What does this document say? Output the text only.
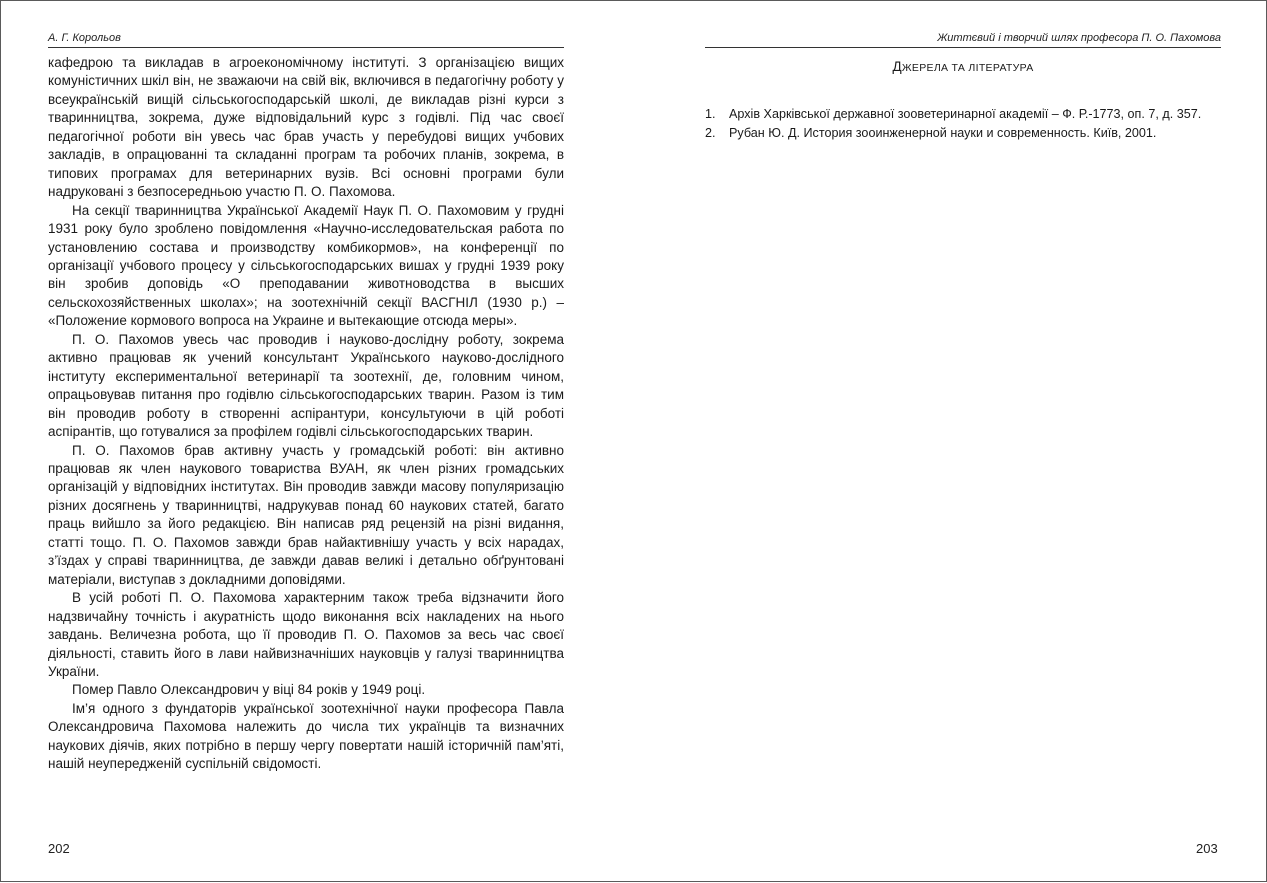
А. Г. Корольов

кафедрою та викладав в агроекономічному інституті. З організацією вищих комуністичних шкіл він, не зважаючи на свій вік, включився в педагогічну роботу у всеукраїнській вищій сільськогосподарській школі, де викладав різні курси з тваринництва, зокрема, дуже відповідальний курс з годівлі. Під час своєї педагогічної роботи він увесь час брав участь у перебудові вищих учбових закладів, в опрацюванні та складанні програм та робочих планів, зокрема, в типових програмах для ветеринарних вузів. Всі основні програми були надруковані з безпосередньою участю П. О. Пахомова.

На секції тваринництва Української Академії Наук П. О. Пахомовим у грудні 1931 року було зроблено повідомлення «Научно-исследовательская работа по установлению состава и производству комбикормов», на конференції по організації учбового процесу у сільськогосподарських вишах у грудні 1939 року він зробив доповідь «О преподавании животноводства в высших сельскохозяйственных школах»; на зоотехнічній секції ВАСГНІЛ (1930 р.) – «Положение кормового вопроса на Украине и вытекающие отсюда меры».

П. О. Пахомов увесь час проводив і науково-дослідну роботу, зокрема активно працював як учений консультант Українського науково-дослідного інституту експериментальної ветеринарії та зоотехнії, де, головним чином, опрацьовував питання про годівлю сільськогосподарських тварин. Разом із тим він проводив роботу в створенні аспірантури, консультуючи в цій роботі аспірантів, що готувалися за профілем годівлі сільськогосподарських тварин.

П. О. Пахомов брав активну участь у громадській роботі: він активно працював як член наукового товариства ВУАН, як член різних громадських організацій у відповідних інститутах. Він проводив завжди масову популяризацію різних досягнень у тваринництві, надрукував понад 60 наукових статей, багато праць вийшло за його редакцією. Він написав ряд рецензій на різні видання, статті тощо. П. О. Пахомов завжди брав найактивнішу участь у всіх нарадах, з’їздах у справі тваринництва, де завжди давав великі і детально обґрунтовані матеріали, виступав з докладними доповідями.

В усій роботі П. О. Пахомова характерним також треба відзначити його надзвичайну точність і акуратність щодо виконання всіх накладених на нього завдань. Величезна робота, що її проводив П. О. Пахомов за весь час своєї діяльності, ставить його в лави найвизначніших науковців у галузі тваринництва України.

Помер Павло Олександрович у віці 84 років у 1949 році.

Ім’я одного з фундаторів української зоотехнічної науки професора Павла Олександровича Пахомова належить до числа тих українців та визначних наукових діячів, яких потрібно в першу чергу повертати нашій історичній пам’яті, нашій неупередженій суспільній свідомості.

202
Життєвий і творчий шлях професора П. О. Пахомова
ДЖЕРЕЛА ТА ЛІТЕРАТУРА
1. Архів Харківської державної зооветеринарної академії – Ф. Р.-1773, оп. 7, д. 357.
2. Рубан Ю. Д. История зооинженерной науки и современность. Київ, 2001.
203
